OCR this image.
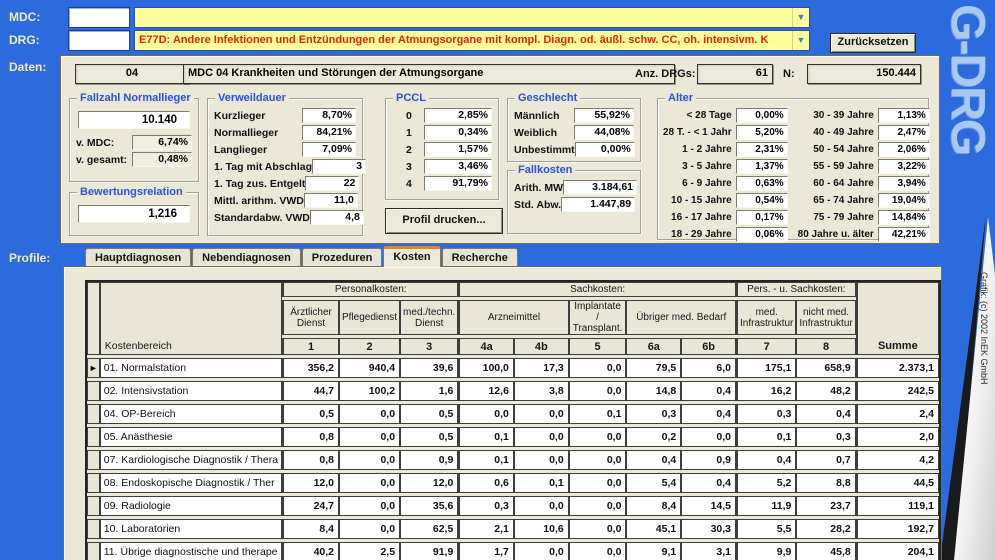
MDC:	▼
DRG:	E77D: Andere Infektionen und Entzündungen der Atmungsorgane mit kompl. Diagn. od. äußl. schw. CC, oh. intensivm. K	▼	Zurücksetzen G-DRG
Grafik: (c) 2002 InEK GmbH
Daten:	04	MDC 04 Krankheiten und Störungen der Atmungsorgane	Anz. DRGs:	61	N:	150.444
Fallzahl Normallieger
10.140
v. MDC:	6,74%
v. gesamt:	0,48%
Bewertungsrelation
1,216
Verweildauer
Kurzlieger	8,70%
Normallieger	84,21%
Langlieger	7,09%
1. Tag mit Abschlag	3
1. Tag zus. Entgelt	22
Mittl. arithm. VWD	11,0
Standardabw. VWD	4,8
PCCL
0	2,85%
1	0,34%
2	1,57%
3	3,46%
4	91,79%
Profil drucken...
Geschlecht
Männlich	55,92%
Weiblich	44,08%
Unbestimmt	0,00%
Fallkosten
Arith. MW	3.184,61
Std. Abw.	1.447,89
Alter
< 28 Tage	0,00%
28 T. - < 1 Jahr	5,20%
1 - 2 Jahre	2,31%
3 - 5 Jahre	1,37%
6 - 9 Jahre	0,63%
10 - 15 Jahre	0,54%
16 - 17 Jahre	0,17%
18 - 29 Jahre	0,06%
30 - 39 Jahre	1,13%
40 - 49 Jahre	2,47%
50 - 54 Jahre	2,06%
55 - 59 Jahre	3,22%
60 - 64 Jahre	3,94%
65 - 74 Jahre	19,04%
75 - 79 Jahre	14,84%
80 Jahre u. älter	42,21%
Profile:	Hauptdiagnosen	Nebendiagnosen	Prozeduren	Kosten	Recherche
	Kostenbereich	Personalkosten:			Sachkosten:					Pers. - u. Sachkosten:		Summe
		Ärztlicher Dienst	Pflegedienst	med./techn. Dienst	Arzneimittel		Implantate / Transplant.	Übriger med. Bedarf		med. Infrastruktur	nicht med. Infrastruktur	
		1	2	3	4a	4b	5	6a	6b	7	8	
►	01. Normalstation	356,2	940,4	39,6	100,0	17,3	0,0	79,5	6,0	175,1	658,9	2.373,1
	02. Intensivstation	44,7	100,2	1,6	12,6	3,8	0,0	14,8	0,4	16,2	48,2	242,5
	04. OP-Bereich	0,5	0,0	0,5	0,0	0,0	0,1	0,3	0,4	0,3	0,4	2,4
	05. Anästhesie	0,8	0,0	0,5	0,1	0,0	0,0	0,2	0,0	0,1	0,3	2,0
	07. Kardiologische Diagnostik / Thera	0,8	0,0	0,9	0,1	0,0	0,0	0,4	0,9	0,4	0,7	4,2
	08. Endoskopische Diagnostik / Ther	12,0	0,0	12,0	0,6	0,1	0,0	5,4	0,4	5,2	8,8	44,5
	09. Radiologie	24,7	0,0	35,6	0,3	0,0	0,0	8,4	14,5	11,9	23,7	119,1
	10. Laboratorien	8,4	0,0	62,5	2,1	10,6	0,0	45,1	30,3	5,5	28,2	192,7
	11. Übrige diagnostische und therape	40,2	2,5	91,9	1,7	0,0	0,0	9,1	3,1	9,9	45,8	204,1
